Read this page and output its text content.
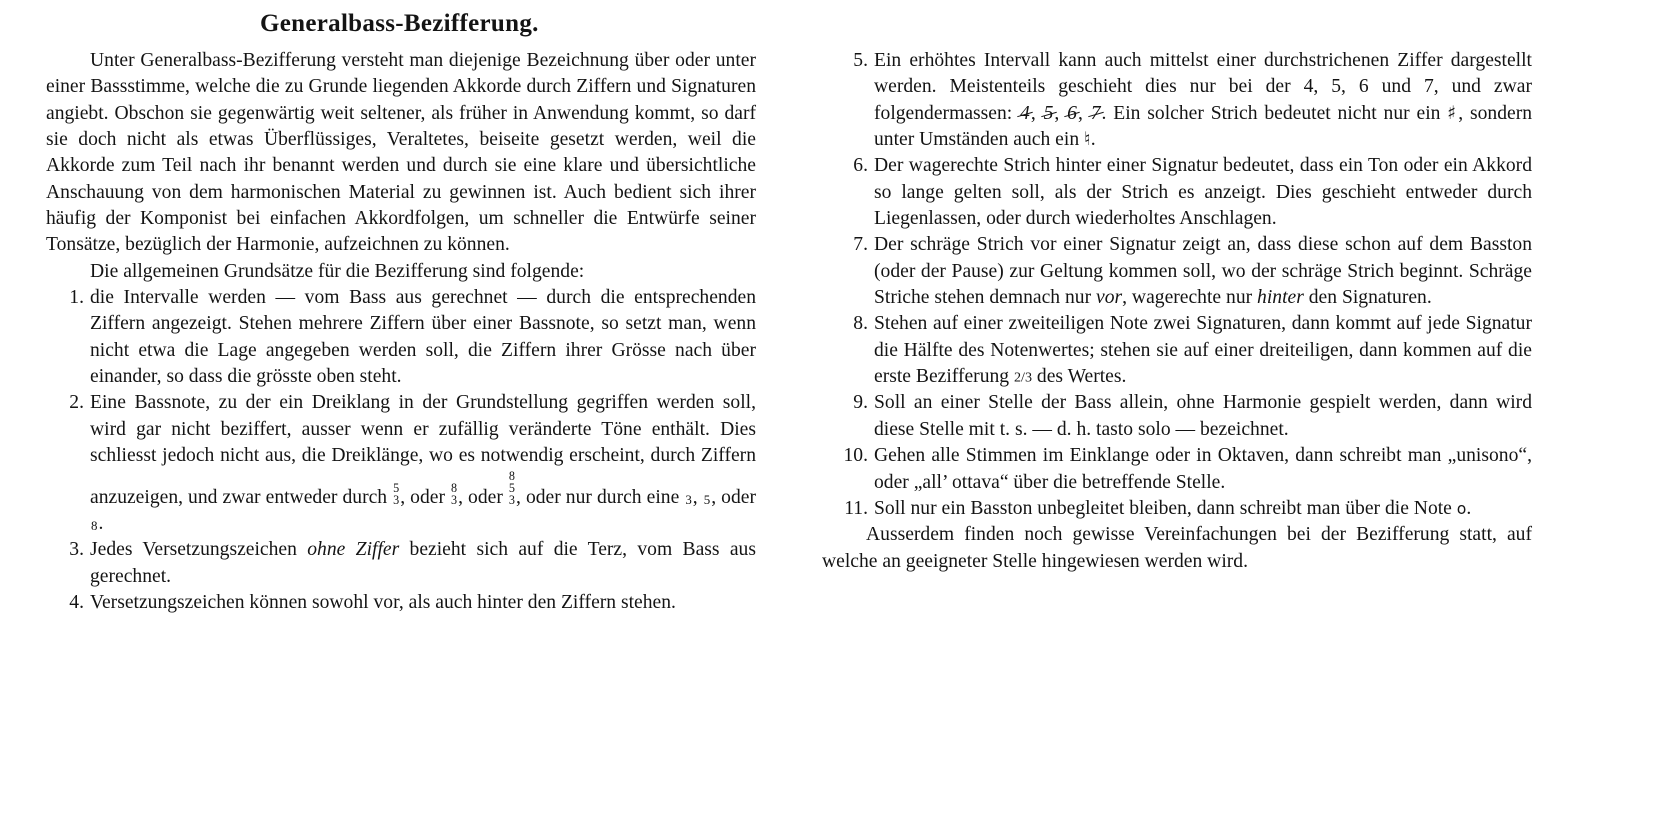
Generalbass-Bezifferung.

Unter Generalbass-Bezifferung versteht man diejenige Bezeichnung über oder unter einer Bassstimme, welche die zu Grunde liegenden Akkorde durch Ziffern und Signaturen angiebt. Obschon sie gegenwärtig weit seltener, als früher in Anwendung kommt, so darf sie doch nicht als etwas Überflüssiges, Veraltetes, beiseite gesetzt werden, weil die Akkorde zum Teil nach ihr benannt werden und durch sie eine klare und übersichtliche Anschauung von dem harmonischen Material zu gewinnen ist. Auch bedient sich ihrer häufig der Komponist bei einfachen Akkordfolgen, um schneller die Entwürfe seiner Tonsätze, bezüglich der Harmonie, aufzeichnen zu können.

Die allgemeinen Grundsätze für die Bezifferung sind folgende:

1. die Intervalle werden — vom Bass aus gerechnet — durch die entsprechenden Ziffern angezeigt. Stehen mehrere Ziffern über einer Bassnote, so setzt man, wenn nicht etwa die Lage angegeben werden soll, die Ziffern ihrer Grösse nach über einander, so dass die grösste oben steht.
2. Eine Bassnote, zu der ein Dreiklang in der Grundstellung gegriffen werden soll, wird gar nicht beziffert, ausser wenn er zufällig veränderte Töne enthält. Dies schliesst jedoch nicht aus, die Dreiklänge, wo es notwendig erscheint, durch Ziffern anzuzeigen, und zwar entweder durch 5
3 , oder 8
3 , oder
8
5
3 , oder nur durch eine 3, 5, oder 8.
3. Jedes Versetzungszeichen ohne Ziffer bezieht sich auf die Terz, vom Bass aus gerechnet.
4. Versetzungszeichen können sowohl vor, als auch hinter den Ziffern stehen.
5. Ein erhöhtes Intervall kann auch mittelst einer durchstrichenen Ziffer dargestellt werden. Meistenteils geschieht dies nur bei der 4, 5, 6 und 7, und zwar folgendermassen: 4, 5, 6, 7. Ein solcher Strich bedeutet nicht nur ein ♯, sondern unter Umständen auch ein ♮.
6. Der wagerechte Strich hinter einer Signatur bedeutet, dass ein Ton oder ein Akkord so lange gelten soll, als der Strich es anzeigt. Dies geschieht entweder durch Liegenlassen, oder durch wiederholtes Anschlagen.
7. Der schräge Strich vor einer Signatur zeigt an, dass diese schon auf dem Basston (oder der Pause) zur Geltung kommen soll, wo der schräge Strich beginnt. Schräge Striche stehen demnach nur vor, wagerechte nur hinter den Signaturen.
8. Stehen auf einer zweiteiligen Note zwei Signaturen, dann kommt auf jede Signatur die Hälfte des Notenwertes; stehen sie auf einer dreiteiligen, dann kommen auf die erste Bezifferung 2/3 des Wertes.
9. Soll an einer Stelle der Bass allein, ohne Harmonie gespielt werden, dann wird diese Stelle mit t. s. — d. h. tasto solo — bezeichnet.
10. Gehen alle Stimmen im Einklange oder in Oktaven, dann schreibt man „unisono“, oder „all’ ottava“ über die betreffende Stelle.
11. Soll nur ein Basston unbegleitet bleiben, dann schreibt man über die Note o.

Ausserdem finden noch gewisse Vereinfachungen bei der Bezifferung statt, auf welche an geeigneter Stelle hingewiesen werden wird.
